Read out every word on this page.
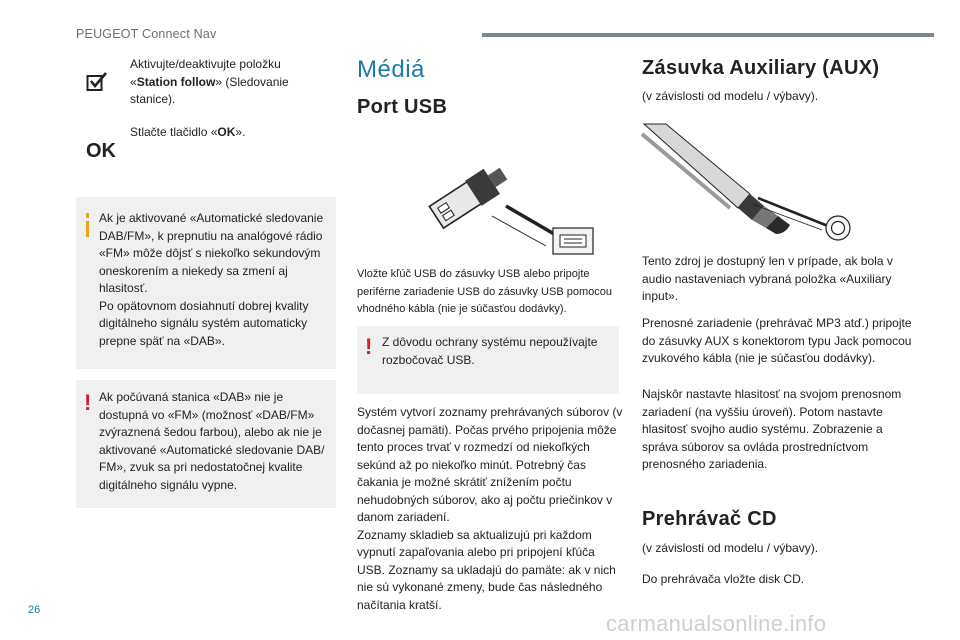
PEUGEOT Connect Nav
Aktivujte/deaktivujte položku «Station follow» (Sledovanie stanice).
OK
Stlačte tlačidlo «OK».
Ak je aktivované «Automatické sledovanie DAB/FM», k prepnutiu na analógové rádio «FM» môže dôjsť s niekoľko sekundovým oneskorením a niekedy sa zmení aj hlasitosť.
Po opätovnom dosiahnutí dobrej kvality digitálneho signálu systém automaticky prepne späť na «DAB».
! Ak počúvaná stanica «DAB» nie je dostupná vo «FM» (možnosť «DAB/FM» zvýraznená šedou farbou), alebo ak nie je aktivované «Automatické sledovanie DAB/ FM», zvuk sa pri nedostatočnej kvalite digitálneho signálu vypne.
Médiá
Port USB
Vložte kľúč USB do zásuvky USB alebo pripojte periférne zariadenie USB do zásuvky USB pomocou vhodného kábla (nie je súčasťou dodávky).
! Z dôvodu ochrany systému nepoužívajte rozbočovač USB.
Systém vytvorí zoznamy prehrávaných súborov (v dočasnej pamäti). Počas prvého pripojenia môže tento proces trvať v rozmedzí od niekoľkých sekúnd až po niekoľko minút. Potrebný čas čakania je možné skrátiť znížením počtu nehudobných súborov, ako aj počtu priečinkov v danom zariadení.
Zoznamy skladieb sa aktualizujú pri každom vypnutí zapaľovania alebo pri pripojení kľúča USB. Zoznamy sa ukladajú do pamäte: ak v nich nie sú vykonané zmeny, bude čas následného načítania kratší.
Zásuvka Auxiliary (AUX)
(v závislosti od modelu / výbavy).
Tento zdroj je dostupný len v prípade, ak bola v audio nastaveniach vybraná položka «Auxiliary input».
Prenosné zariadenie (prehrávač MP3 atď.) pripojte do zásuvky AUX s konektorom typu Jack pomocou zvukového kábla (nie je súčasťou dodávky).
Najskôr nastavte hlasitosť na svojom prenosnom zariadení (na vyššiu úroveň). Potom nastavte hlasitosť svojho audio systému. Zobrazenie a správa súborov sa ovláda prostredníctvom prenosného zariadenia.
Prehrávač CD
(v závislosti od modelu / výbavy).
Do prehrávača vložte disk CD.
26
carmanualsonline.info
